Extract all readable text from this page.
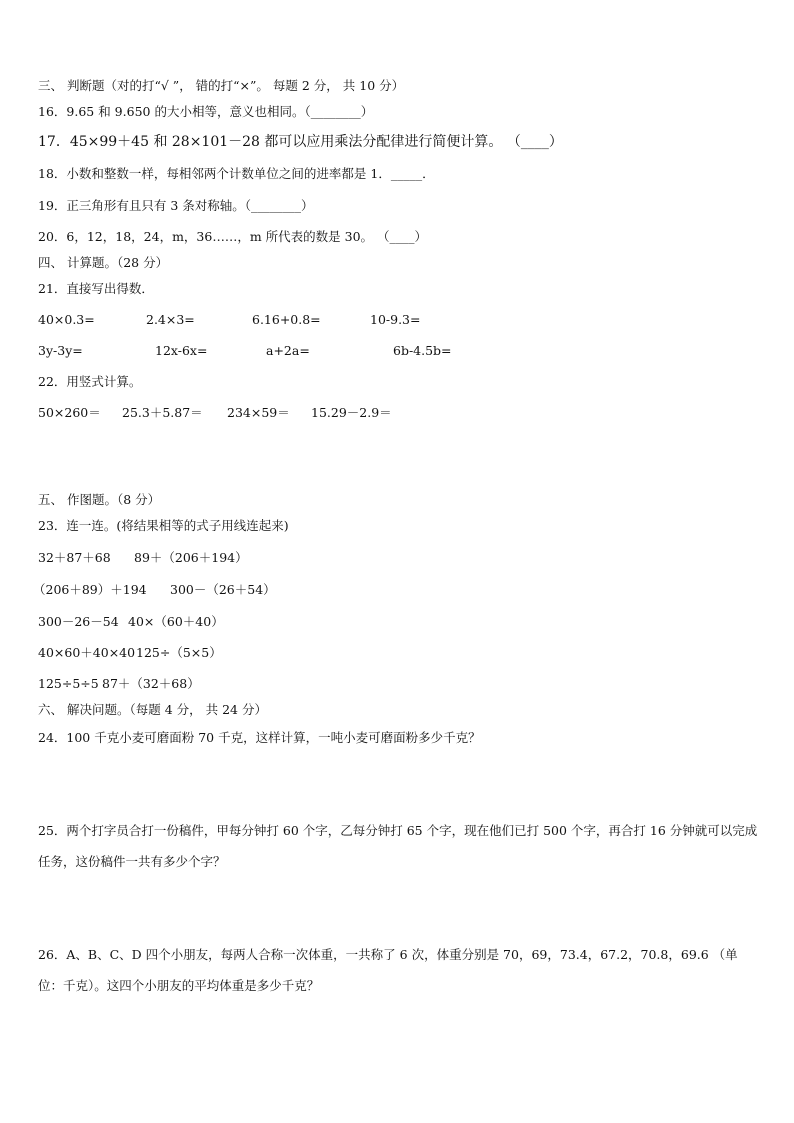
三、 判断题（对的打“√ ”， 错的打“×”。 每题 2 分， 共 10 分）
16．9.65 和 9.650 的大小相等，意义也相同。（________）
17．45×99＋45 和 28×101－28 都可以应用乘法分配律进行简便计算。 （____）
18．小数和整数一样，每相邻两个计数单位之间的进率都是 1．_____．
19．正三角形有且只有 3 条对称轴。（________）
20．6，12，18，24，m，36……，m 所代表的数是 30。 （____）
四、 计算题。（28 分）
21．直接写出得数．
40×0.3=	2.4×3=	6.16+0.8=	10-9.3=
3y-3y=	12x-6x=	a+2a=	6b-4.5b=
22．用竖式计算。
50×260＝ 25.3＋5.87＝ 234×59＝ 15.29－2.9＝
五、 作图题。（8 分）
23．连一连。(将结果相等的式子用线连起来)
32＋87＋68 89＋（206＋194）
（206＋89）＋194 300－（26＋54）
300－26－54 40×（60＋40）
40×60＋40×40 125÷（5×5）
125÷5÷5 87＋（32＋68）
六、 解决问题。（每题 4 分， 共 24 分）
24．100 千克小麦可磨面粉 70 千克，这样计算，一吨小麦可磨面粉多少千克？
25．两个打字员合打一份稿件，甲每分钟打 60 个字，乙每分钟打 65 个字，现在他们已打 500 个字，再合打 16 分钟就可以完成任务，这份稿件一共有多少个字？
26．A、B、C、D 四个小朋友，每两人合称一次体重，一共称了 6 次，体重分别是 70，69，73.4，67.2，70.8，69.6 （单位：千克）。这四个小朋友的平均体重是多少千克？
